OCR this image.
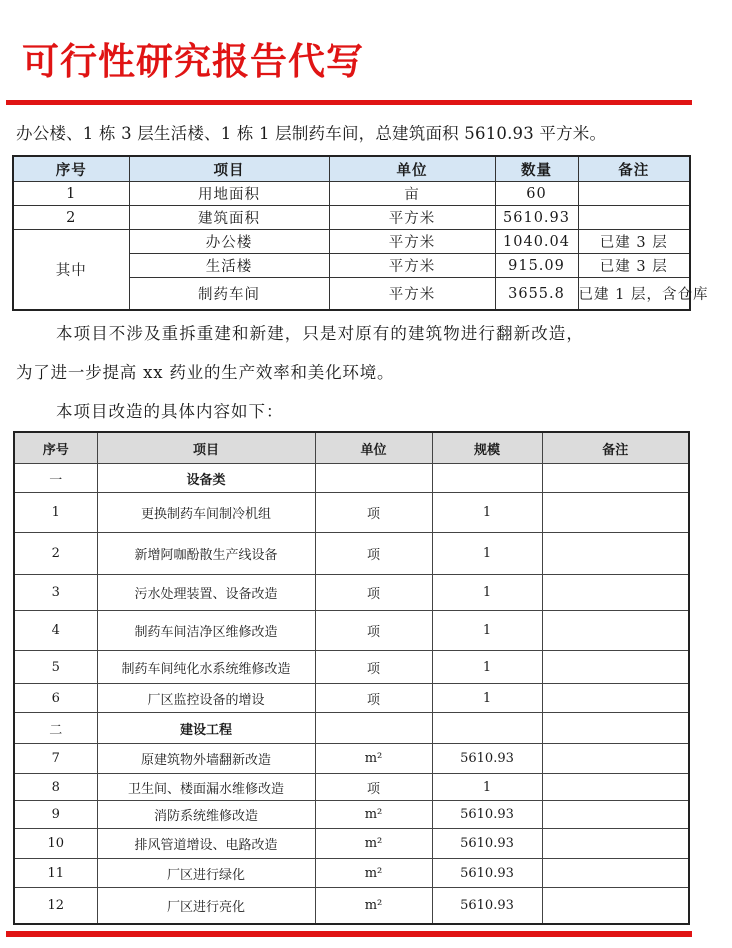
可行性研究报告代写
办公楼、1 栋 3 层生活楼、1 栋 1 层制药车间，总建筑面积 5610.93 平方米。
序号	项目	单位	数量	备注
1	用地面积	亩	60	
2	建筑面积	平方米	5610.93	
其中	办公楼	平方米	1040.04	已建 3 层
	生活楼	平方米	915.09	已建 3 层
	制药车间	平方米	3655.8	已建 1 层，含仓库
本项目不涉及重拆重建和新建，只是对原有的建筑物进行翻新改造，
为了进一步提高 xx 药业的生产效率和美化环境。
本项目改造的具体内容如下：
序号	项目	单位	规模	备注
一	设备类			
1	更换制药车间制冷机组	项	1	
2	新增阿咖酚散生产线设备	项	1	
3	污水处理装置、设备改造	项	1	
4	制药车间洁净区维修改造	项	1	
5	制药车间纯化水系统维修改造	项	1	
6	厂区监控设备的增设	项	1	
二	建设工程			
7	原建筑物外墙翻新改造	m²	5610.93	
8	卫生间、楼面漏水维修改造	项	1	
9	消防系统维修改造	m²	5610.93	
10	排风管道增设、电路改造	m²	5610.93	
11	厂区进行绿化	m²	5610.93	
12	厂区进行亮化	m²	5610.93	
